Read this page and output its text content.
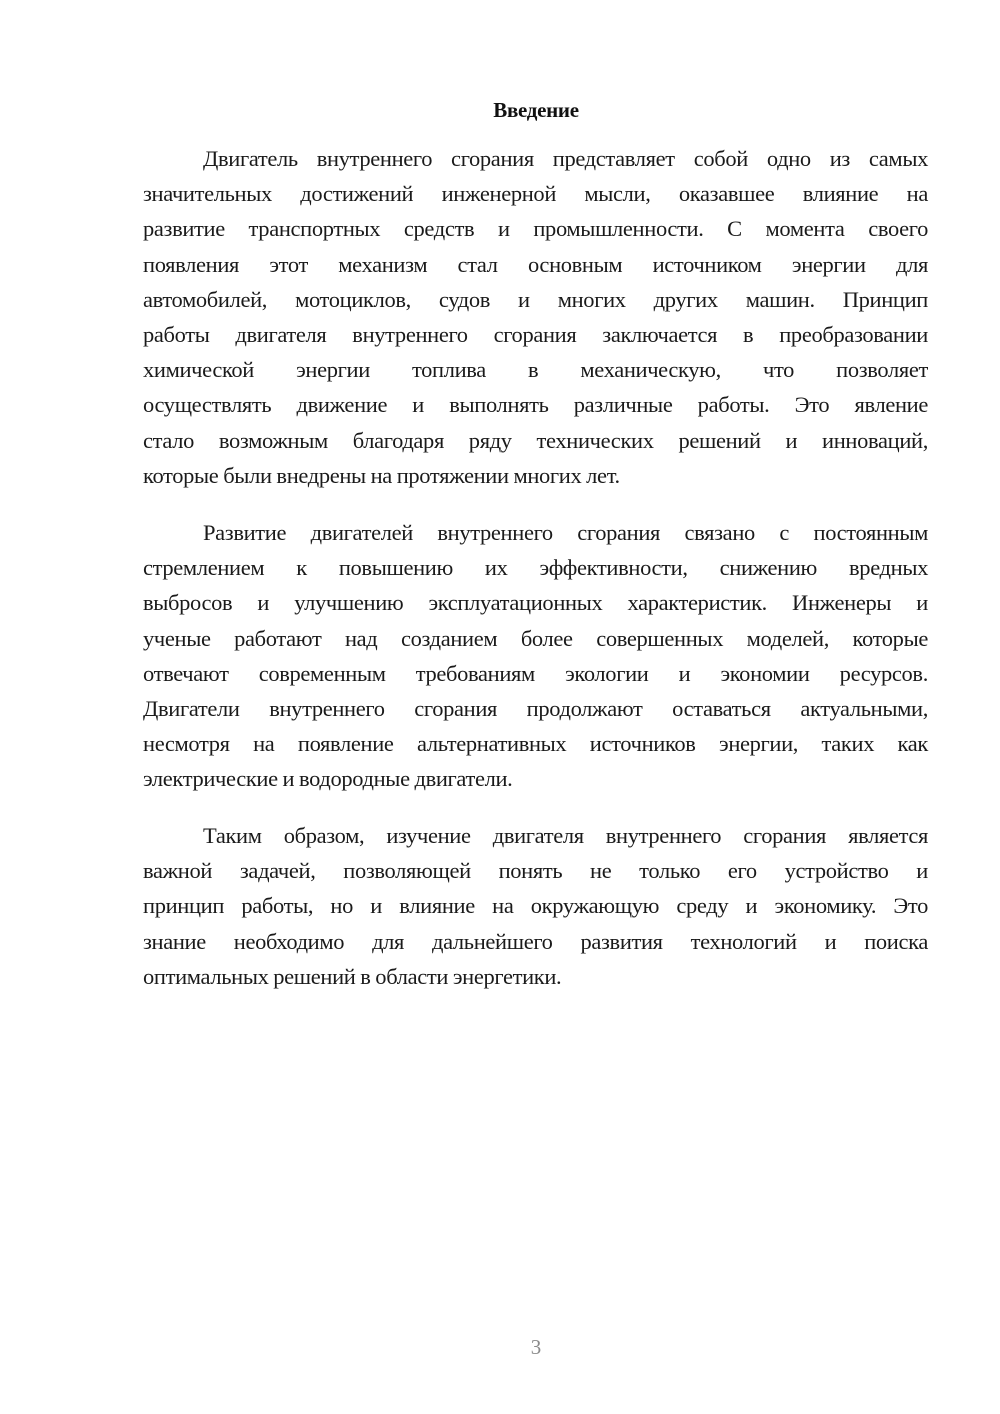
Введение
Двигатель внутреннего сгорания представляет собой одно из самых
значительных достижений инженерной мысли, оказавшее влияние на
развитие транспортных средств и промышленности. С момента своего
появления этот механизм стал основным источником энергии для
автомобилей, мотоциклов, судов и многих других машин. Принцип
работы двигателя внутреннего сгорания заключается в преобразовании
химической энергии топлива в механическую, что позволяет
осуществлять движение и выполнять различные работы. Это явление
стало возможным благодаря ряду технических решений и инноваций,
которые были внедрены на протяжении многих лет.
Развитие двигателей внутреннего сгорания связано с постоянным
стремлением к повышению их эффективности, снижению вредных
выбросов и улучшению эксплуатационных характеристик. Инженеры и
ученые работают над созданием более совершенных моделей, которые
отвечают современным требованиям экологии и экономии ресурсов.
Двигатели внутреннего сгорания продолжают оставаться актуальными,
несмотря на появление альтернативных источников энергии, таких как
электрические и водородные двигатели.
Таким образом, изучение двигателя внутреннего сгорания является
важной задачей, позволяющей понять не только его устройство и
принцип работы, но и влияние на окружающую среду и экономику. Это
знание необходимо для дальнейшего развития технологий и поиска
оптимальных решений в области энергетики.
3
